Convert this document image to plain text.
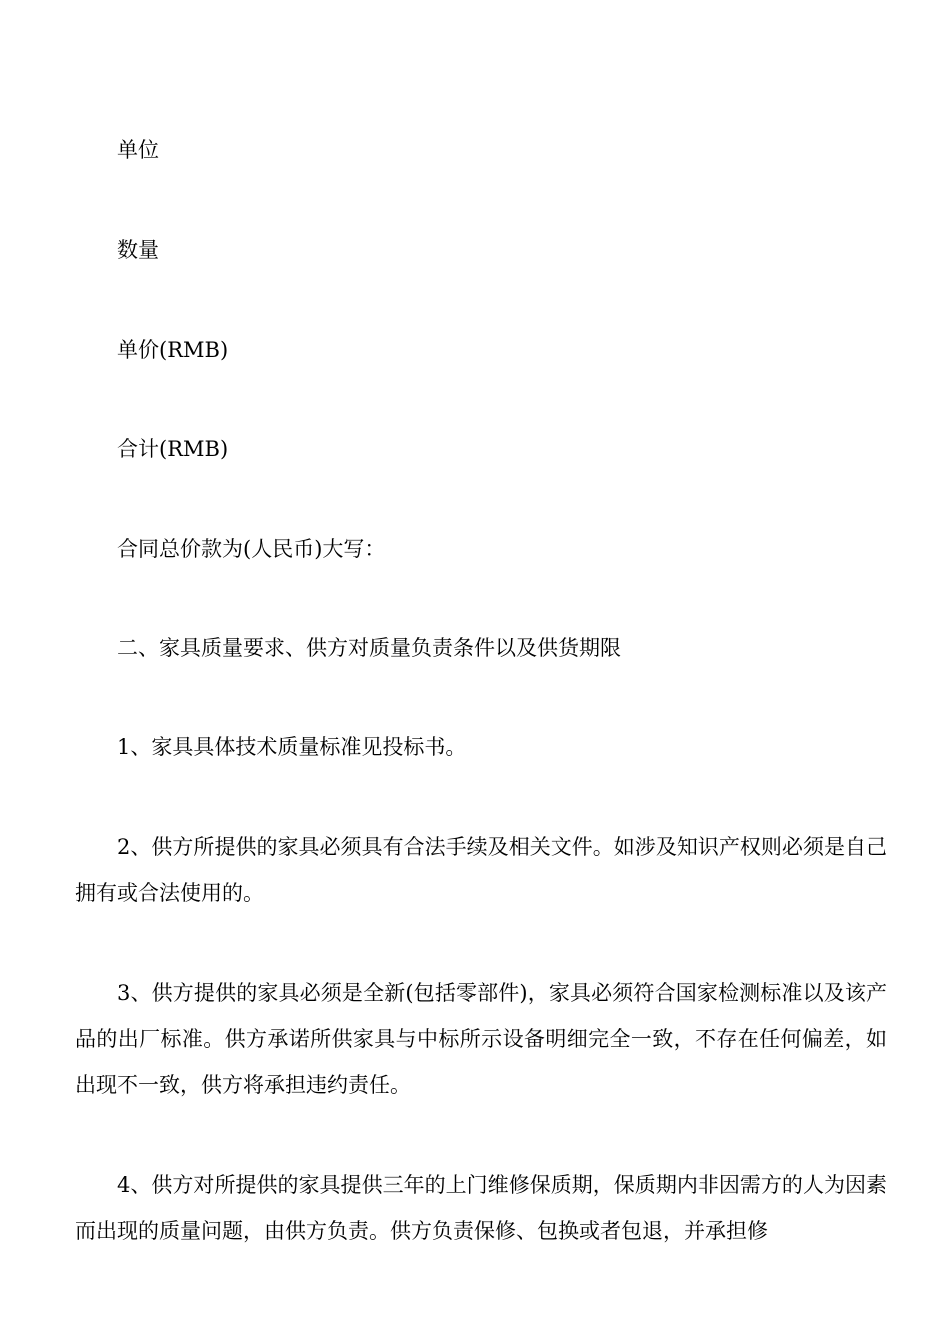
单位

数量

单价(RMB)

合计(RMB)

合同总价款为(人民币)大写：

二、家具质量要求、供方对质量负责条件以及供货期限

1、家具具体技术质量标准见投标书。

2、供方所提供的家具必须具有合法手续及相关文件。如涉及知识产权则必须是自己拥有或合法使用的。

3、供方提供的家具必须是全新(包括零部件)，家具必须符合国家检测标准以及该产品的出厂标准。供方承诺所供家具与中标所示设备明细完全一致，不存在任何偏差，如出现不一致，供方将承担违约责任。

4、供方对所提供的家具提供三年的上门维修保质期，保质期内非因需方的人为因素而出现的质量问题，由供方负责。供方负责保修、包换或者包退，并承担修
